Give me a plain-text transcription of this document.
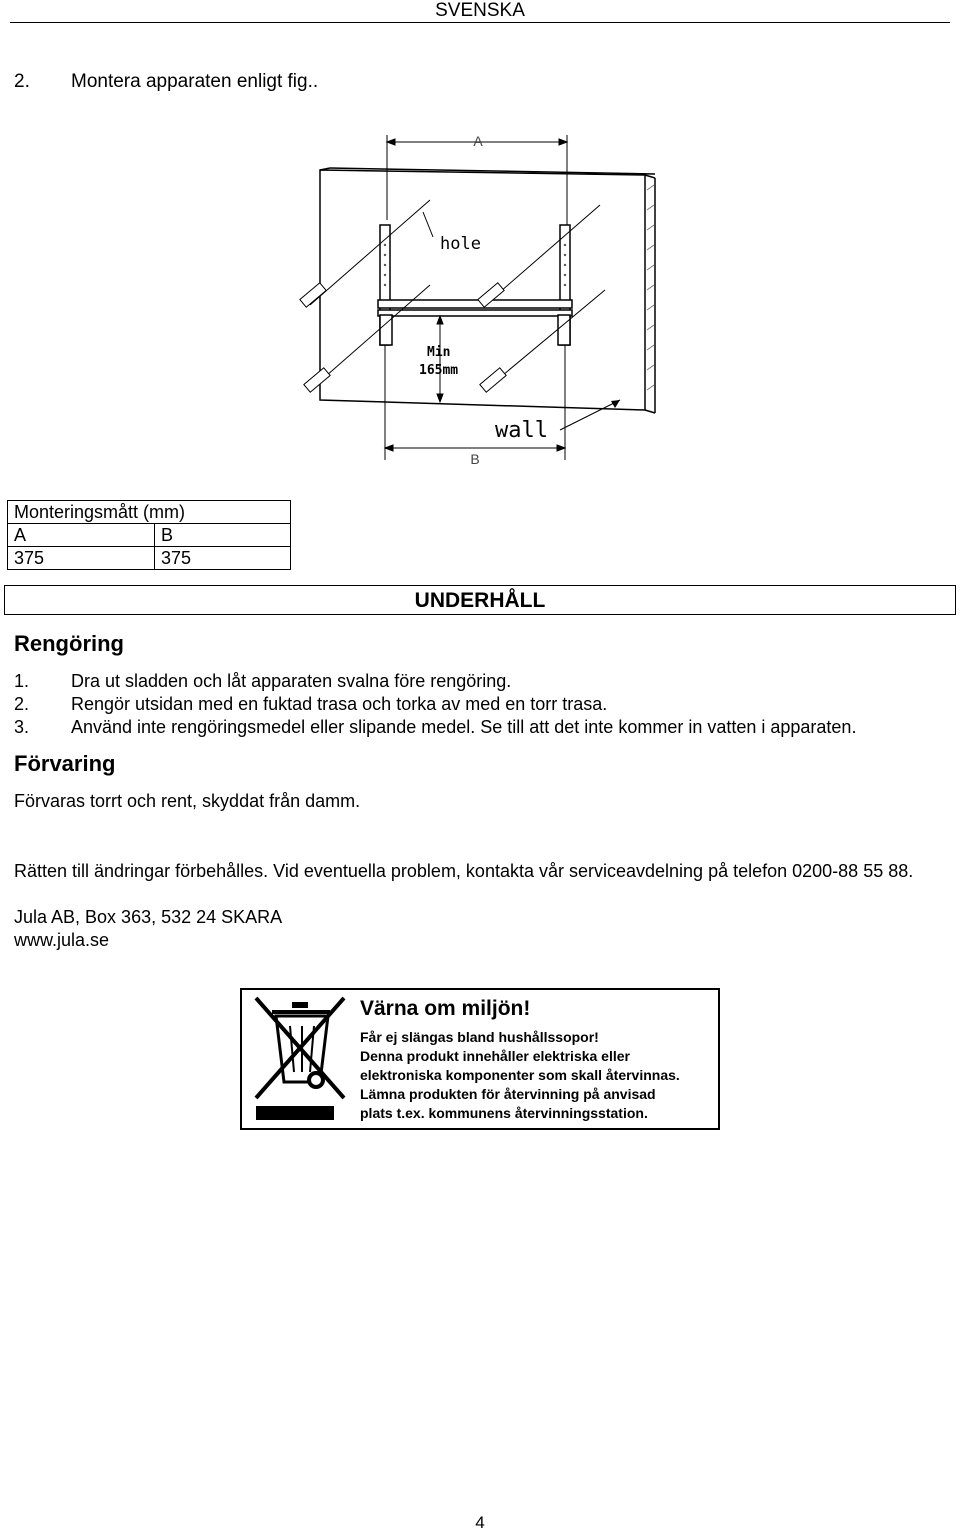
SVENSKA
2. Montera apparaten enligt fig..
A
hole
Min
165mm
wall
B
Monteringsmått (mm)	
A	B
375	375
UNDERHÅLL
Rengöring
1. Dra ut sladden och låt apparaten svalna före rengöring.
2. Rengör utsidan med en fuktad trasa och torka av med en torr trasa.
3. Använd inte rengöringsmedel eller slipande medel. Se till att det inte kommer in vatten i apparaten.
Förvaring
Förvaras torrt och rent, skyddat från damm.
Rätten till ändringar förbehålles. Vid eventuella problem, kontakta vår serviceavdelning på telefon 0200-88 55 88.
Jula AB, Box 363, 532 24 SKARA
www.jula.se
Värna om miljön!
Får ej slängas bland hushållssopor!
Denna produkt innehåller elektriska eller
elektroniska komponenter som skall återvinnas.
Lämna produkten för återvinning på anvisad
plats t.ex. kommunens återvinningsstation.
4
